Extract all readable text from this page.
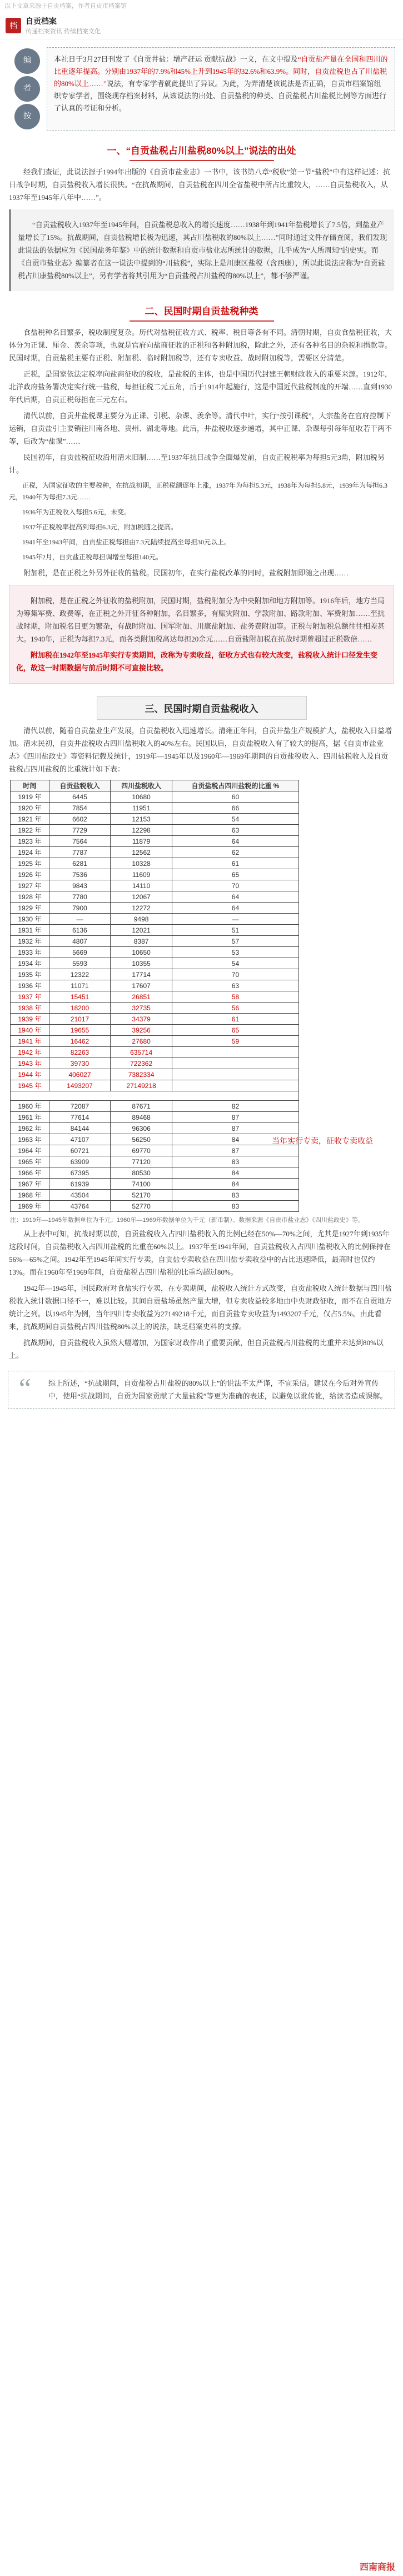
以下文章来源于自贡档案，作者自贡市档案馆
档
自贡档案
传递档案资讯 传续档案文化
编
者
按
本社日于3月27日刊发了《自贡井盐：增产赶运 贡献抗战》一文，在文中提及“自贡盐产量在全国和四川的比重逐年提高。分别由1937年的7.9%和45%上升到1945年的32.6%和63.9%。同时，自贡盐税也占了川盐税的80%以上……”说法，有专家学者就此提出了异议。为此，为弄清楚该说法是否正确，自贡市档案馆组织专家学者，围绕现存档案材料，从该说法的出处、自贡盐税的种类、自贡盐税占川盐税比例等方面进行了认真的考证和分析。
一、“自贡盐税占川盐税80%以上”说法的出处

经我们查证，此说法源于1994年出版的《自贡市盐业志》一书中，该书第八章“税收”第一节“盐税”中有这样记述：抗日战争时期，自贡盐税收入增长很快。“在抗战期间，自贡盐税在四川全省盐税中所占比重较大，……自贡盐税收入，从1937年至1945年八年中……”。

“自贡盐税收入1937年至1945年间，自贡盐税总收入的增长速度……1938年到1941年盐税增长了7.5倍，到盐业产量增长了15%。抗战期间，自贡盐税增长极为迅速，其占川盐税收的80%以上……”同时通过文件存储查阅，我们发现此说法的依据应为《民国盐务年鉴》中的统计数据和自贡市盐业志所统计的数据，几乎成为“人所周知”的史实。而《自贡市盐业志》编纂者在这一说法中提到的“川盐税”，实际上是川康区盐税（含西康），所以此说法应称为“自贡盐税占川康盐税80%以上”，另有学者将其引用为“自贡盐税占川盐税的80%以上”，都不够严谨。

二、民国时期自贡盐税种类

食盐税种名目繁多，税收制度复杂。历代对盐税征收方式、税率、税目等各有不同。清朝时期，自贡食盐税征收，大体分为正课、厘金、羡余等项，也就是官府向盐商征收的正税和各种附加税，除此之外，还有各种名目的杂税和捐款等。民国时期，自贡盐税主要有正税、附加税、临时附加税等，还有专卖收益、战时附加税等，需要区分清楚。

正税，是国家依法定税率向盐商征收的税收，是盐税的主体，也是中国历代封建王朝财政收入的重要来源。1912年，北洋政府盐务署决定实行统一盐税，每担征税二元五角，后于1914年起施行，这是中国近代盐税制度的开端……直到1930年代后期，自贡正税每担在三元左右。

清代以前，自贡井盐税课主要分为正课、引税、杂课、羡余等。清代中叶，实行“按引课税”，大宗盐务在官府控制下运销，自贡盐引主要销往川南各地、贵州、湖北等地。此后，井盐税收逐步递增，其中正课、杂课每引每年征收若干两不等，后改为“盐课”……

民国初年，自贡盐税征收沿用清末旧制……至1937年抗日战争全面爆发前，自贡正税税率为每担5元3角，附加税另计。

正税，为国家征收的主要税种，在抗战初期，正税税额逐年上涨，1937年为每担5.3元，1938年为每担5.8元，1939年为每担6.3元，1940年为每担7.3元……

1936年为正税收入每担5.6元，未变。

1937年正税税率提高到每担6.3元，附加税随之提高。

1941年至1943年间，自贡盐正税每担由7.3元陆续提高至每担30元以上。

1945年2月，自贡盐正税每担调增至每担140元。

附加税，是在正税之外另外征收的盐税。民国初年，在实行盐税改革的同时，盐税附加即随之出现……

附加税，是在正税之外征收的盐税附加，民国时期，盐税附加分为中央附加和地方附加等。1916年后，地方当局为筹集军费、政费等，在正税之外开征各种附加，名目繁多，有赈灾附加、学款附加、路款附加、军费附加……至抗战时期，附加税名目更为繁杂，有战时附加、国军附加、川康盐附加、盐务费附加等。正税与附加税总额往往相差甚大。1940年，正税为每担7.3元，而各类附加税高达每担20余元……自贡盐附加税在抗战时期曾超过正税数倍……

附加税在1942年至1945年实行专卖期间，改称为专卖收益，征收方式也有较大改变，盐税收入统计口径发生变化，故这一时期数据与前后时期不可直接比较。

三、民国时期自贡盐税收入

清代以前，随着自贡盐业生产发展，自贡盐税收入迅速增长。清雍正年间，自贡井盐生产规模扩大，盐税收入日益增加。清末民初，自贡井盐税收占四川盐税收入的40%左右。民国以后，自贡盐税收入有了较大的提高，据《自贡市盐业志》《四川盐政史》等资料记载及统计，1919年—1945年以及1960年—1969年期间的自贡盐税收入、四川盐税收入及自贡盐税占四川盐税的比重统计如下表：

时间	自贡盐税收入	四川盐税收入	自贡盐税占四川盐税的比重 %
1919 年	6445	10680	60
1920 年	7854	11951	66
1921 年	6602	12153	54
1922 年	7729	12298	63
1923 年	7564	11879	64
1924 年	7787	12562	62
1925 年	6281	10328	61
1926 年	7536	11609	65
1927 年	9843	14110	70
1928 年	7780	12067	64
1929 年	7900	12272	64
1930 年	—	9498	—
1931 年	6136	12021	51
1932 年	4807	8387	57
1933 年	5669	10650	53
1934 年	5593	10355	54
1935 年	12322	17714	70
1936 年	11071	17607	63
1937 年	15451	26851	58
1938 年	18200	32735	56
1939 年	21017	34379	61
1940 年	19655	39256	65
1941 年	16462	27680	59
1942 年	82263	635714	
1943 年	39730	722362	
1944 年	406027	7382334	
1945 年	1493207	27149218	

1960 年	72087	87671	82
1961 年	77614	89468	87
1962 年	84144	96306	87
1963 年	47107	56250	84
1964 年	60721	69770	87
1965 年	63909	77120	83
1966 年	67395	80530	84
1967 年	61939	74100	84
1968 年	43504	52170	83
1969 年	43764	52770	83
当年实行专卖，征收专卖收益
注：1919年—1945年数据单位为千元；1960年—1969年数据单位为千元（新币制）。数据来源《自贡市盐业志》《四川盐政史》等。

从上表中可知，抗战时期以前，自贡盐税收入占四川盐税收入的比例已经在50%—70%之间，尤其是1927年到1935年这段时间，自贡盐税收入占四川盐税的比重在60%以上。1937年至1941年间，自贡盐税收入占四川盐税收入的比例保持在56%—65%之间。1942年至1945年间实行专卖，自贡盐专卖收益在四川盐专卖收益中的占比迅速降低，最高时也仅约13%。而在1960年至1969年间，自贡盐税占四川盐税的比重均超过80%。

1942年—1945年，国民政府对食盐实行专卖，在专卖期间，盐税收入统计方式改变，自贡盐税收入统计数据与四川盐税收入统计数据口径不一，难以比较。其间自贡盐场虽然产量大增，但专卖收益较多地由中央财政征收，而不在自贡地方统计之列。以1945年为例，当年四川专卖收益为27149218千元，而自贡盐专卖收益为1493207千元，仅占5.5%。由此看来，抗战期间自贡盐税占四川盐税80%以上的说法，缺乏档案史料的支撑。

抗战期间，自贡盐税收入虽然大幅增加，为国家财政作出了重要贡献，但自贡盐税占川盐税的比重并未达到80%以上。

“	综上所述，“抗战期间，自贡盐税占川盐税的80%以上”的说法不太严谨，不宜采信。建议在今后对外宣传中，使用“抗战期间，自贡为国家贡献了大量盐税”等更为准确的表述，以避免以讹传讹，给读者造成误解。
西南商报
